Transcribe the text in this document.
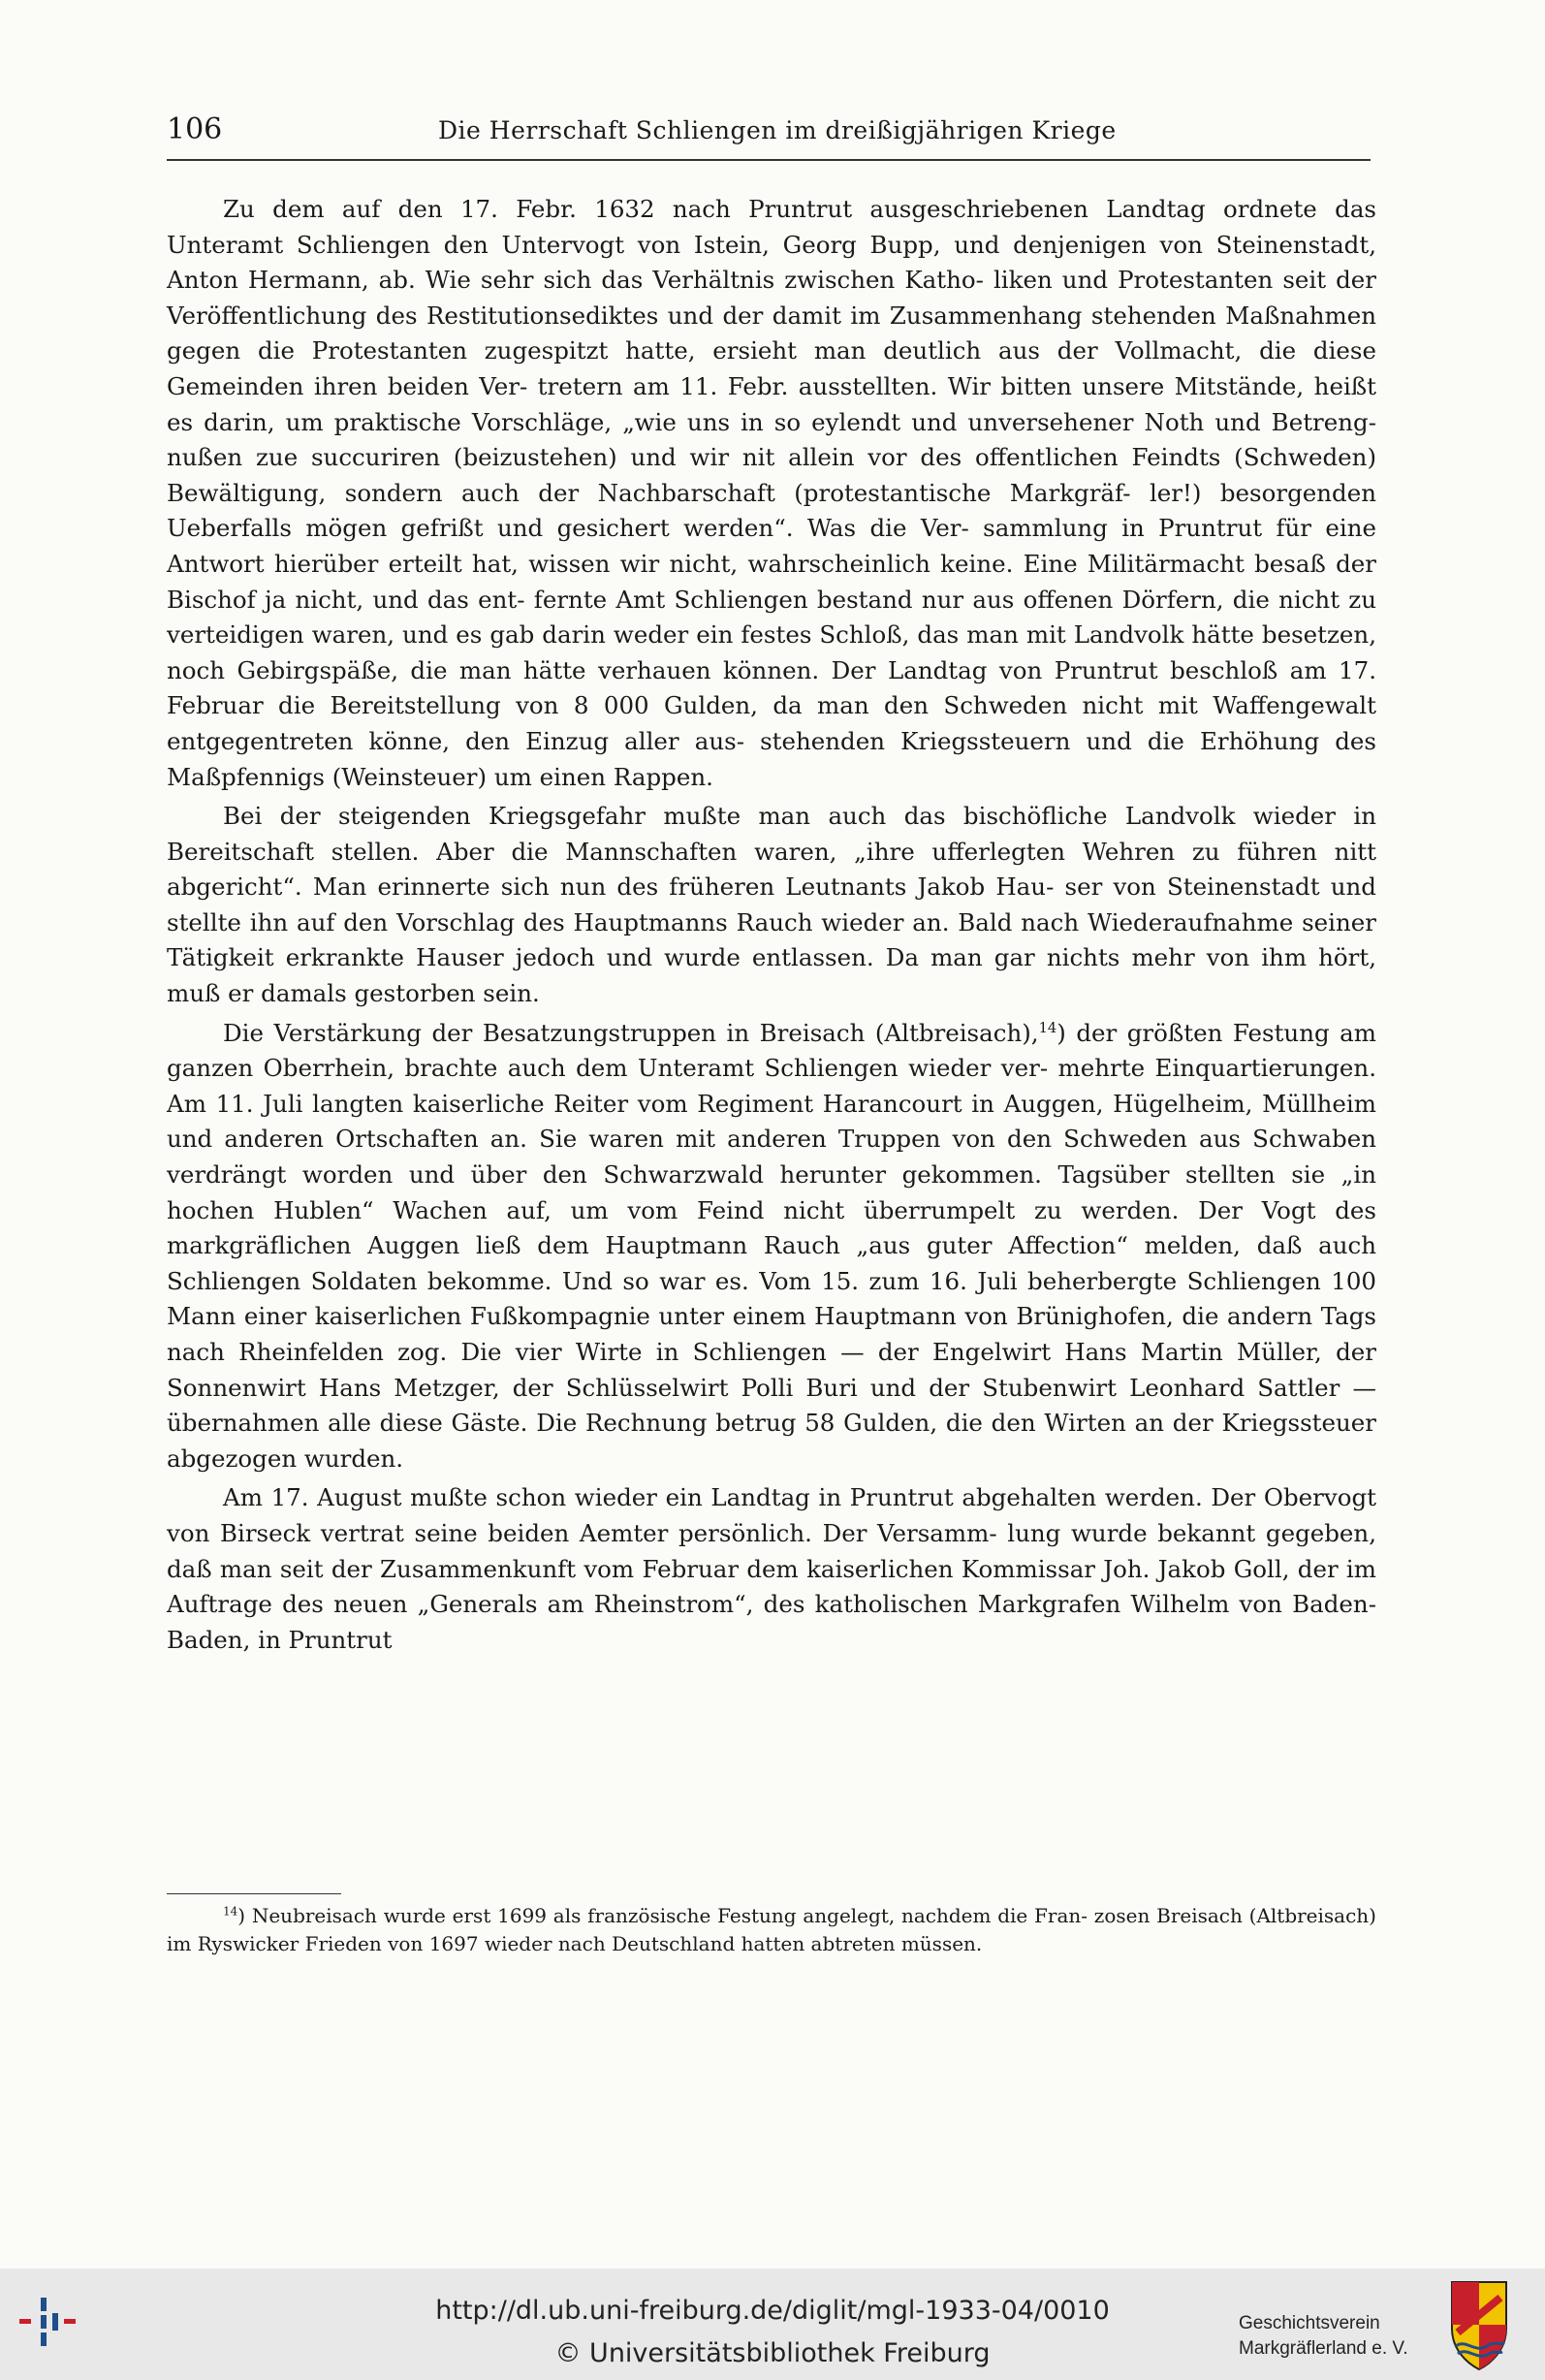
106	Die Herrschaft Schliengen im dreißigjährigen Kriege

Zu dem auf den 17. Febr. 1632 nach Pruntrut ausgeschriebenen Landtag ordnete das Unteramt Schliengen den Untervogt von Istein, Georg Bupp, und denjenigen von Steinenstadt, Anton Hermann, ab. Wie sehr sich das Verhältnis zwischen Katho- liken und Protestanten seit der Veröffentlichung des Restitutionsediktes und der damit im Zusammenhang stehenden Maßnahmen gegen die Protestanten zugespitzt hatte, ersieht man deutlich aus der Vollmacht, die diese Gemeinden ihren beiden Ver- tretern am 11. Febr. ausstellten. Wir bitten unsere Mitstände, heißt es darin, um praktische Vorschläge, „wie uns in so eylendt und unversehener Noth und Betreng- nußen zue succuriren (beizustehen) und wir nit allein vor des offentlichen Feindts (Schweden) Bewältigung, sondern auch der Nachbarschaft (protestantische Markgräf- ler!) besorgenden Ueberfalls mögen gefrißt und gesichert werden“. Was die Ver- sammlung in Pruntrut für eine Antwort hierüber erteilt hat, wissen wir nicht, wahrscheinlich keine. Eine Militärmacht besaß der Bischof ja nicht, und das ent- fernte Amt Schliengen bestand nur aus offenen Dörfern, die nicht zu verteidigen waren, und es gab darin weder ein festes Schloß, das man mit Landvolk hätte besetzen, noch Gebirgspäße, die man hätte verhauen können. Der Landtag von Pruntrut beschloß am 17. Februar die Bereitstellung von 8 000 Gulden, da man den Schweden nicht mit Waffengewalt entgegentreten könne, den Einzug aller aus- stehenden Kriegssteuern und die Erhöhung des Maßpfennigs (Weinsteuer) um einen Rappen.

Bei der steigenden Kriegsgefahr mußte man auch das bischöfliche Landvolk wieder in Bereitschaft stellen. Aber die Mannschaften waren, „ihre ufferlegten Wehren zu führen nitt abgericht“. Man erinnerte sich nun des früheren Leutnants Jakob Hau- ser von Steinenstadt und stellte ihn auf den Vorschlag des Hauptmanns Rauch wieder an. Bald nach Wiederaufnahme seiner Tätigkeit erkrankte Hauser jedoch und wurde entlassen. Da man gar nichts mehr von ihm hört, muß er damals gestorben sein.

Die Verstärkung der Besatzungstruppen in Breisach (Altbreisach),$^{14}$) der größten Festung am ganzen Oberrhein, brachte auch dem Unteramt Schliengen wieder ver- mehrte Einquartierungen. Am 11. Juli langten kaiserliche Reiter vom Regiment Harancourt in Auggen, Hügelheim, Müllheim und anderen Ortschaften an. Sie waren mit anderen Truppen von den Schweden aus Schwaben verdrängt worden und über den Schwarzwald herunter gekommen. Tagsüber stellten sie „in hochen Hublen“ Wachen auf, um vom Feind nicht überrumpelt zu werden. Der Vogt des markgräflichen Auggen ließ dem Hauptmann Rauch „aus guter Affection“ melden, daß auch Schliengen Soldaten bekomme. Und so war es. Vom 15. zum 16. Juli beherbergte Schliengen 100 Mann einer kaiserlichen Fußkompagnie unter einem Hauptmann von Brünighofen, die andern Tags nach Rheinfelden zog. Die vier Wirte in Schliengen — der Engelwirt Hans Martin Müller, der Sonnenwirt Hans Metzger, der Schlüsselwirt Polli Buri und der Stubenwirt Leonhard Sattler — übernahmen alle diese Gäste. Die Rechnung betrug 58 Gulden, die den Wirten an der Kriegssteuer abgezogen wurden.

Am 17. August mußte schon wieder ein Landtag in Pruntrut abgehalten werden. Der Obervogt von Birseck vertrat seine beiden Aemter persönlich. Der Versamm- lung wurde bekannt gegeben, daß man seit der Zusammenkunft vom Februar dem kaiserlichen Kommissar Joh. Jakob Goll, der im Auftrage des neuen „Generals am Rheinstrom“, des katholischen Markgrafen Wilhelm von Baden-Baden, in Pruntrut

$^{14}$) Neubreisach wurde erst 1699 als französische Festung angelegt, nachdem die Fran- zosen Breisach (Altbreisach) im Ryswicker Frieden von 1697 wieder nach Deutschland hatten abtreten müssen.

http://dl.ub.uni-freiburg.de/diglit/mgl-1933-04/0010
© Universitätsbibliothek Freiburg
Geschichtsverein
Markgräflerland e. V.
